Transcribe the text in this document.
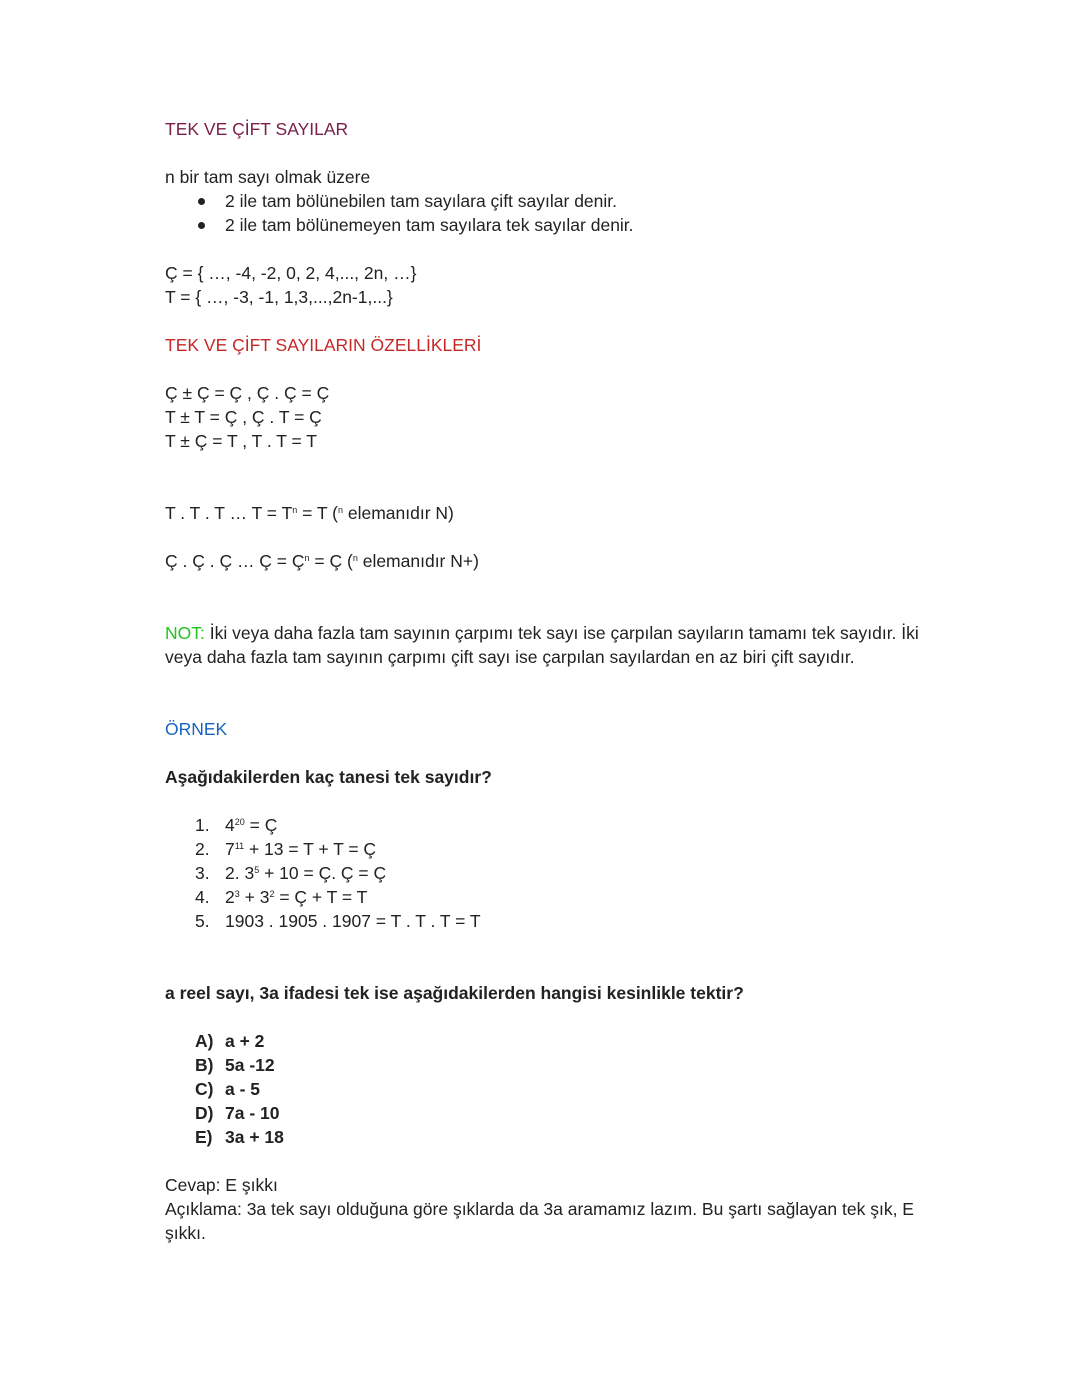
TEK VE ÇİFT SAYILAR
n bir tam sayı olmak üzere
2 ile tam bölünebilen tam sayılara çift sayılar denir.
2 ile tam bölünemeyen tam sayılara tek sayılar denir.
Ç = { …, -4, -2, 0, 2, 4,..., 2n, …}
T = { …, -3, -1, 1,3,...,2n-1,...}
TEK VE ÇİFT SAYILARIN ÖZELLİKLERİ
Ç ± Ç = Ç , Ç . Ç = Ç
T ± T = Ç , Ç . T = Ç
T ± Ç = T , T . T = T
T . T . T … $T = T^n = T$ ($^n$ elemanıdır N)
Ç . Ç . Ç … Ç = $Ç^n$ = Ç ($^n$ elemanıdır N+)
NOT: İki veya daha fazla tam sayının çarpımı tek sayı ise çarpılan sayıların tamamı tek sayıdır. İki veya daha fazla tam sayının çarpımı çift sayı ise çarpılan sayılardan en az biri çift sayıdır.
ÖRNEK
Aşağıdakilerden kaç tanesi tek sayıdır?
1. $4^{20}$ = Ç
2. $7^{11} + 13 = T + T$ = Ç
3. 2. $3^5 + 10$ = Ç. Ç = Ç
4. $2^3 + 3^2$ = Ç + T = T
5. 1903 . 1905 . 1907 = T . T . T = T
a reel sayı, 3a ifadesi tek ise aşağıdakilerden hangisi kesinlikle tektir?
A) a + 2
B) 5a -12
C) a - 5
D) 7a - 10
E) 3a + 18
Cevap: E şıkkı
Açıklama: 3a tek sayı olduğuna göre şıklarda da 3a aramamız lazım. Bu şartı sağlayan tek şık, E şıkkı.
